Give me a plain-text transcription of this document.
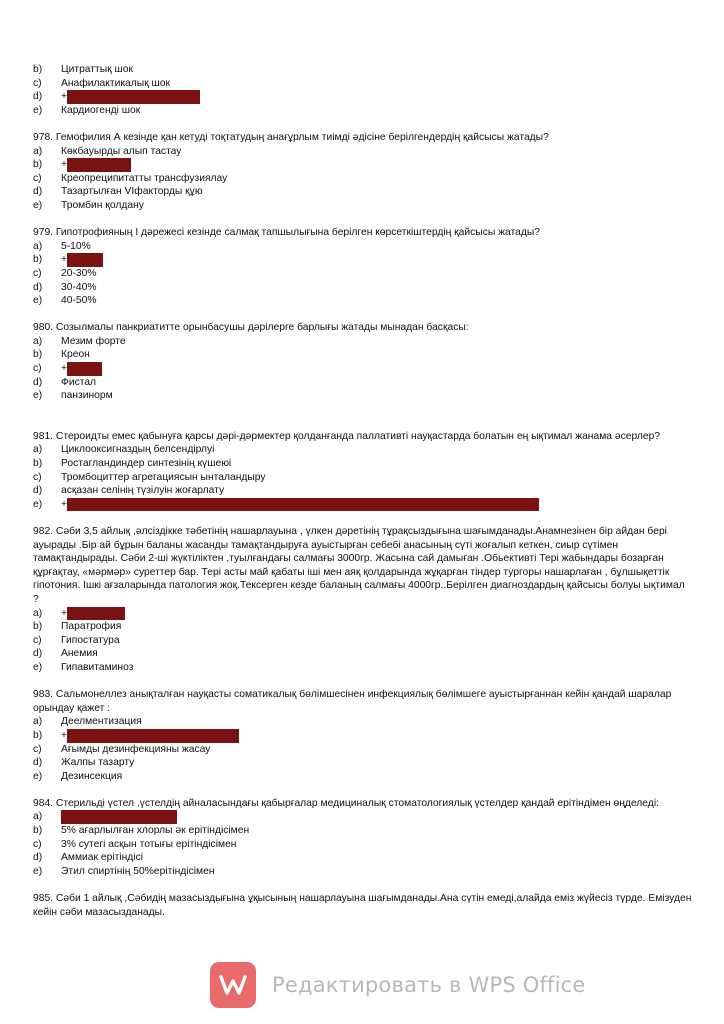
b)	Цитраттық шок
c)	Анафилактикалық шок
d)	+ Қан құйудан кейінгі реакция
e)	Кардиогенді шок

978. Гемофилия А кезінде қан кетуді тоқтатудың анағұрлым тиімді әдісіне берілгендердің қайсысы жатады?

a)	Көкбауырды алып тастау
b)	+ Аминокапрон
c)	Креопреципитатты трансфузиялау
d)	Тазартылған VIфакторды құю
e)	Тромбин қолдану

979. Гипотрофияның І дәрежесі кезінде салмақ тапшылығына берілген көрсеткіштердің қайсысы жатады?

a)	5-10%
b)	+ 10-20%
c)	20-30%
d)	30-40%
e)	40-50%

980. Созылмалы панкриатитте орынбасушы дәрілерге барлығы жатады мынадан басқасы:

a)	Мезим форте
b)	Креон
c)	+ Пепсин
d)	Фистал
e)	панзинорм

981. Стероидты емес қабынуға қарсы дәрі-дәрмектер қолданғанда паллативті науқастарда болатын ең ықтимал жанама әсерлер?

a)	Циклооксигназдың белсендірлуі
b)	Ростагландиндер синтезінің күшеюі
c)	Тромбоциттер агрегациясын ынталандыру
d)	асқазан селінің түзілуін жоғарлату
e)	+ Эпителиалды пролиферацияның төмендеуі , асқорту жолының шырышты қабатының зақымдалуы

982. Сәби 3,5 айлық ,әлсіздікке тәбетінің нашарлауына , үлкен дәретінің тұрақсыздығына шағымданады.Анамнезінен бір айдан бері ауырады .Бір ай бұрын баланы жасанды тамақтандыруға ауыстырған себебі анасының сүті жоғалып кеткен, сиыр сүтімен тамақтандырады. Сәби 2-ші жүктіліктен ,туылғандағы салмағы 3000гр. Жасына сай дамыған .Обьективті Тері жабындары бозарған құрғақтау, «мәрмәр» суреттер бар. Тері асты май қабаты іші мен аяқ қолдарында жұқарған тіндер тургоры нашарлаған , бұлшықеттік гіпотония. Ішкі ағзаларында патология жоқ.Тексерген кезде баланың салмағы 4000гр..Берілген диагноздардың қайсысы болуы ықтимал ?

a)	+ Гипотрофия
b)	Паратрофия
c)	Гипостатура
d)	Анемия
e)	Гипавитаминоз

983. Сальмонеллез анықталған науқасты соматикалық бөлімшесінен инфекциялық бөлімшеге ауыстырғаннан кейін қандай шаралар орындау қажет :

a)	Деелментизация
b)	+ Қорытынды дезинфекцияны жүргізу
c)	Ағымды дезинфекцияны жасау
d)	Жалпы тазарту
e)	Дезинсекция

984. Стерильді үстел ,үстелдің айналасындағы қабырғалар медициналық стоматологиялық үстелдер қандай ерітіндімен өңделеді:

a)	+1% хлорамин ерітіндісі
b)	5% ағарлылған хлорлы әк ерітіндісімен
c)	3% сутегі асқын тотығы ерітіндісімен
d)	Аммиак ерітіндісі
e)	Этил спиртінің 50%ерітіндісімен

985. Сәби 1 айлық ,Сәбидің мазасыздығына ұқысының нашарлауына шағымданады.Ана сүтін емеді,алайда еміз жүйесіз түрде. Емізуден кейін сәби мазасызданады.

Редактировать в WPS Office
